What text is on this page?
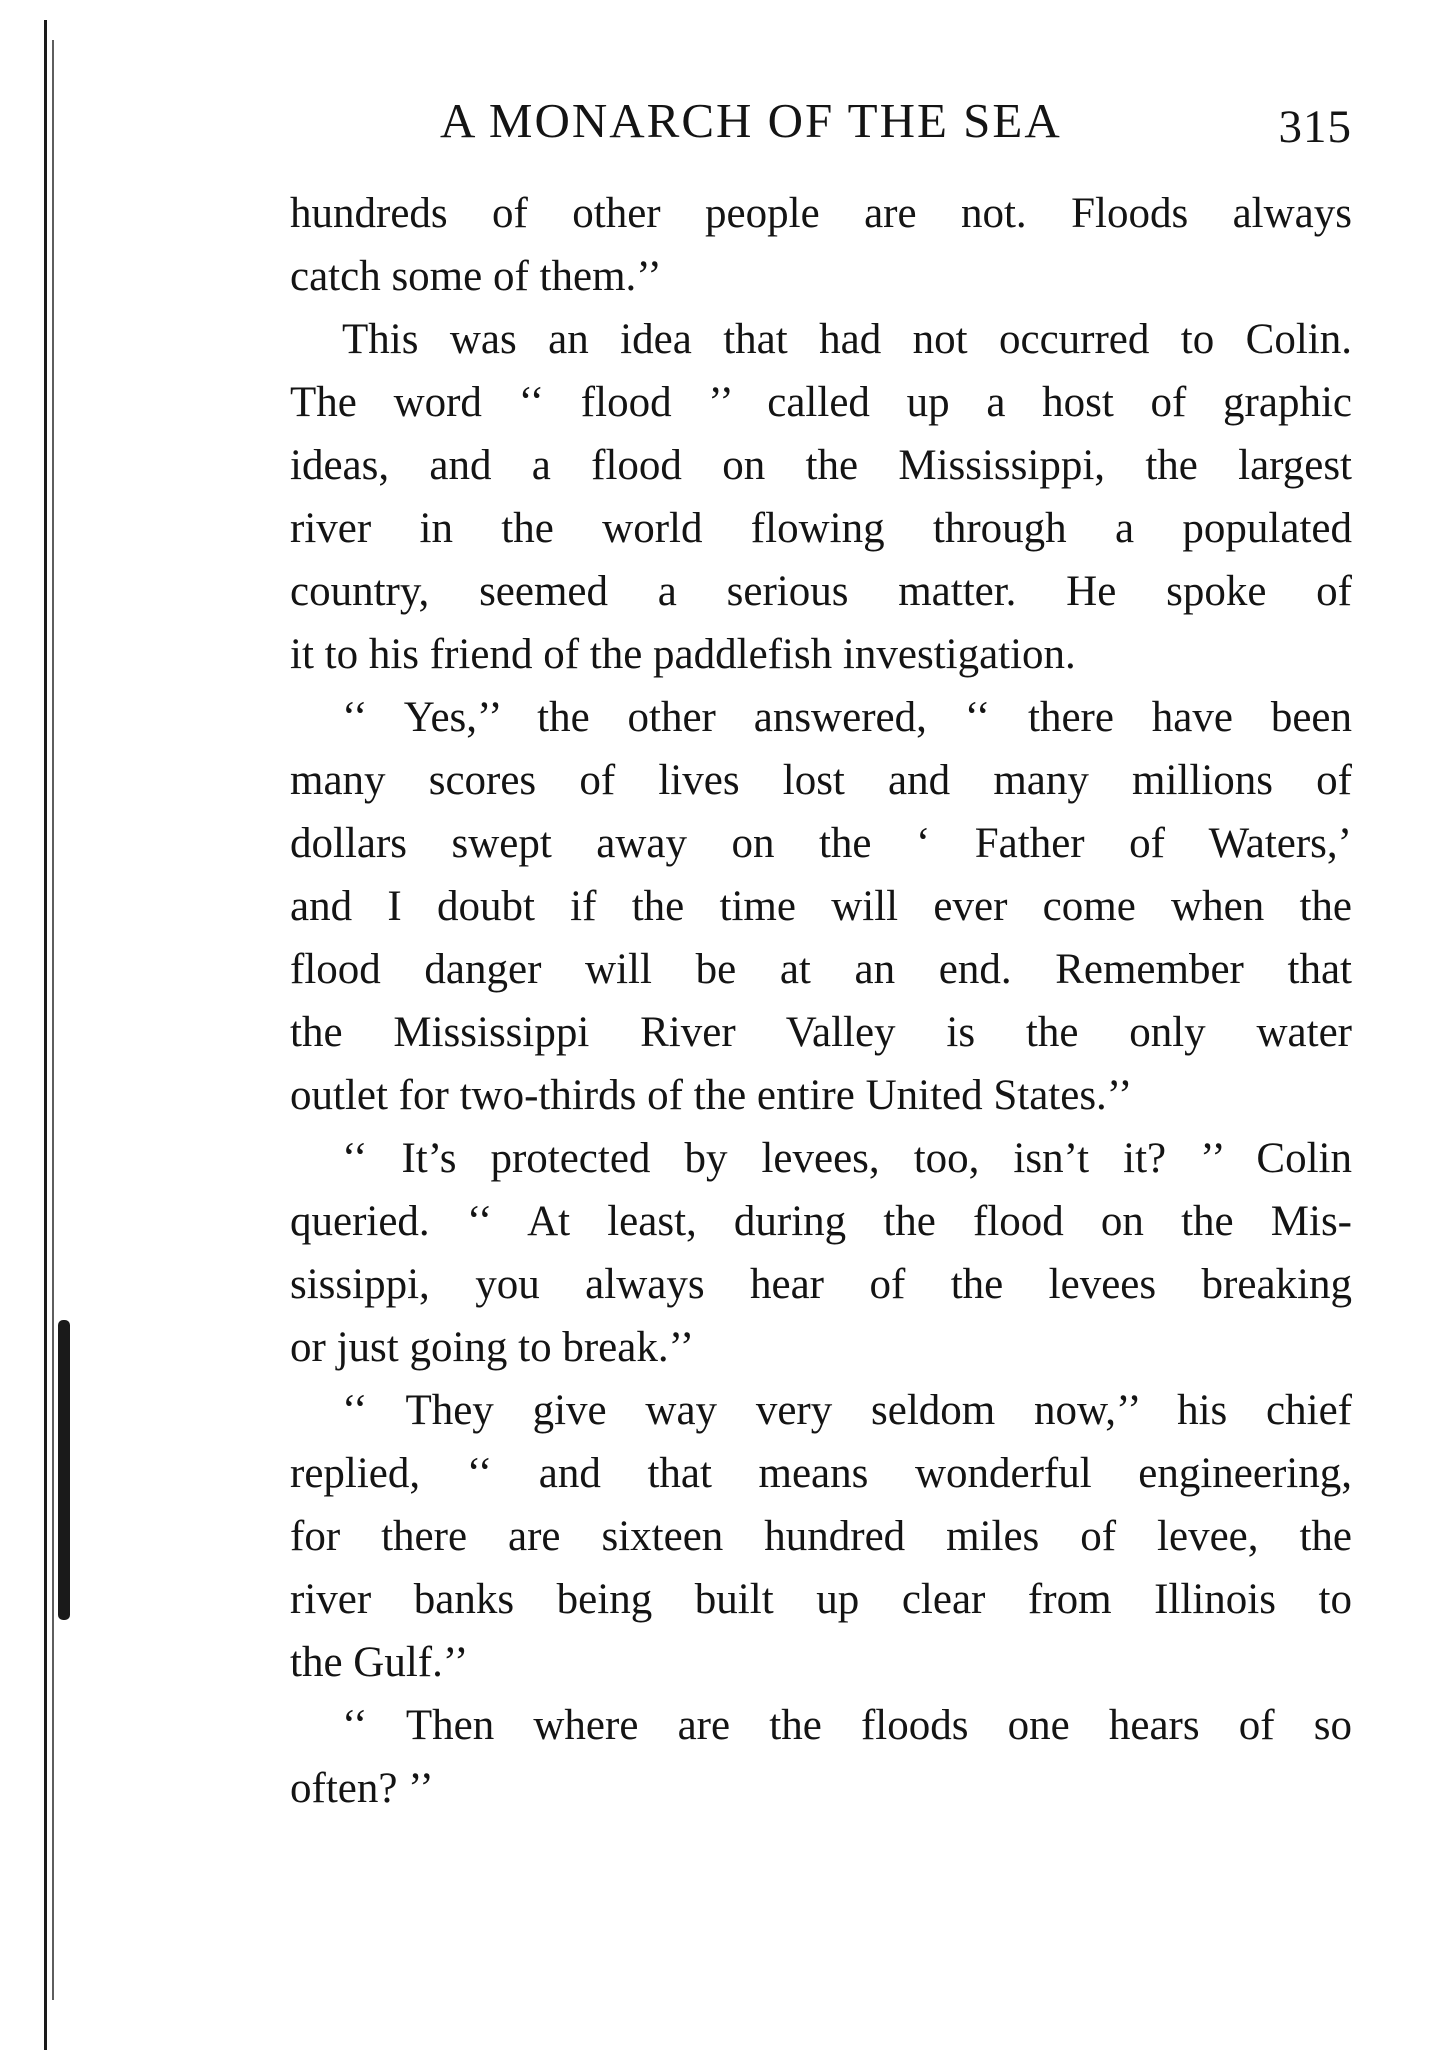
A MONARCH OF THE SEA	315
hundreds of other people are not. Floods always
catch some of them.’’
This was an idea that had not occurred to Colin.
The word ‘‘ flood ’’ called up a host of graphic
ideas, and a flood on the Mississippi, the largest
river in the world flowing through a populated
country, seemed a serious matter. He spoke of
it to his friend of the paddlefish investigation.
‘‘ Yes,’’ the other answered, ‘‘ there have been
many scores of lives lost and many millions of
dollars swept away on the ‘ Father of Waters,’
and I doubt if the time will ever come when the
flood danger will be at an end. Remember that
the Mississippi River Valley is the only water
outlet for two-thirds of the entire United States.’’
‘‘ It’s protected by levees, too, isn’t it? ’’ Colin
queried. ‘‘ At least, during the flood on the Mis-
sissippi, you always hear of the levees breaking
or just going to break.’’
‘‘ They give way very seldom now,’’ his chief
replied, ‘‘ and that means wonderful engineering,
for there are sixteen hundred miles of levee, the
river banks being built up clear from Illinois to
the Gulf.’’
‘‘ Then where are the floods one hears of so
often? ’’
